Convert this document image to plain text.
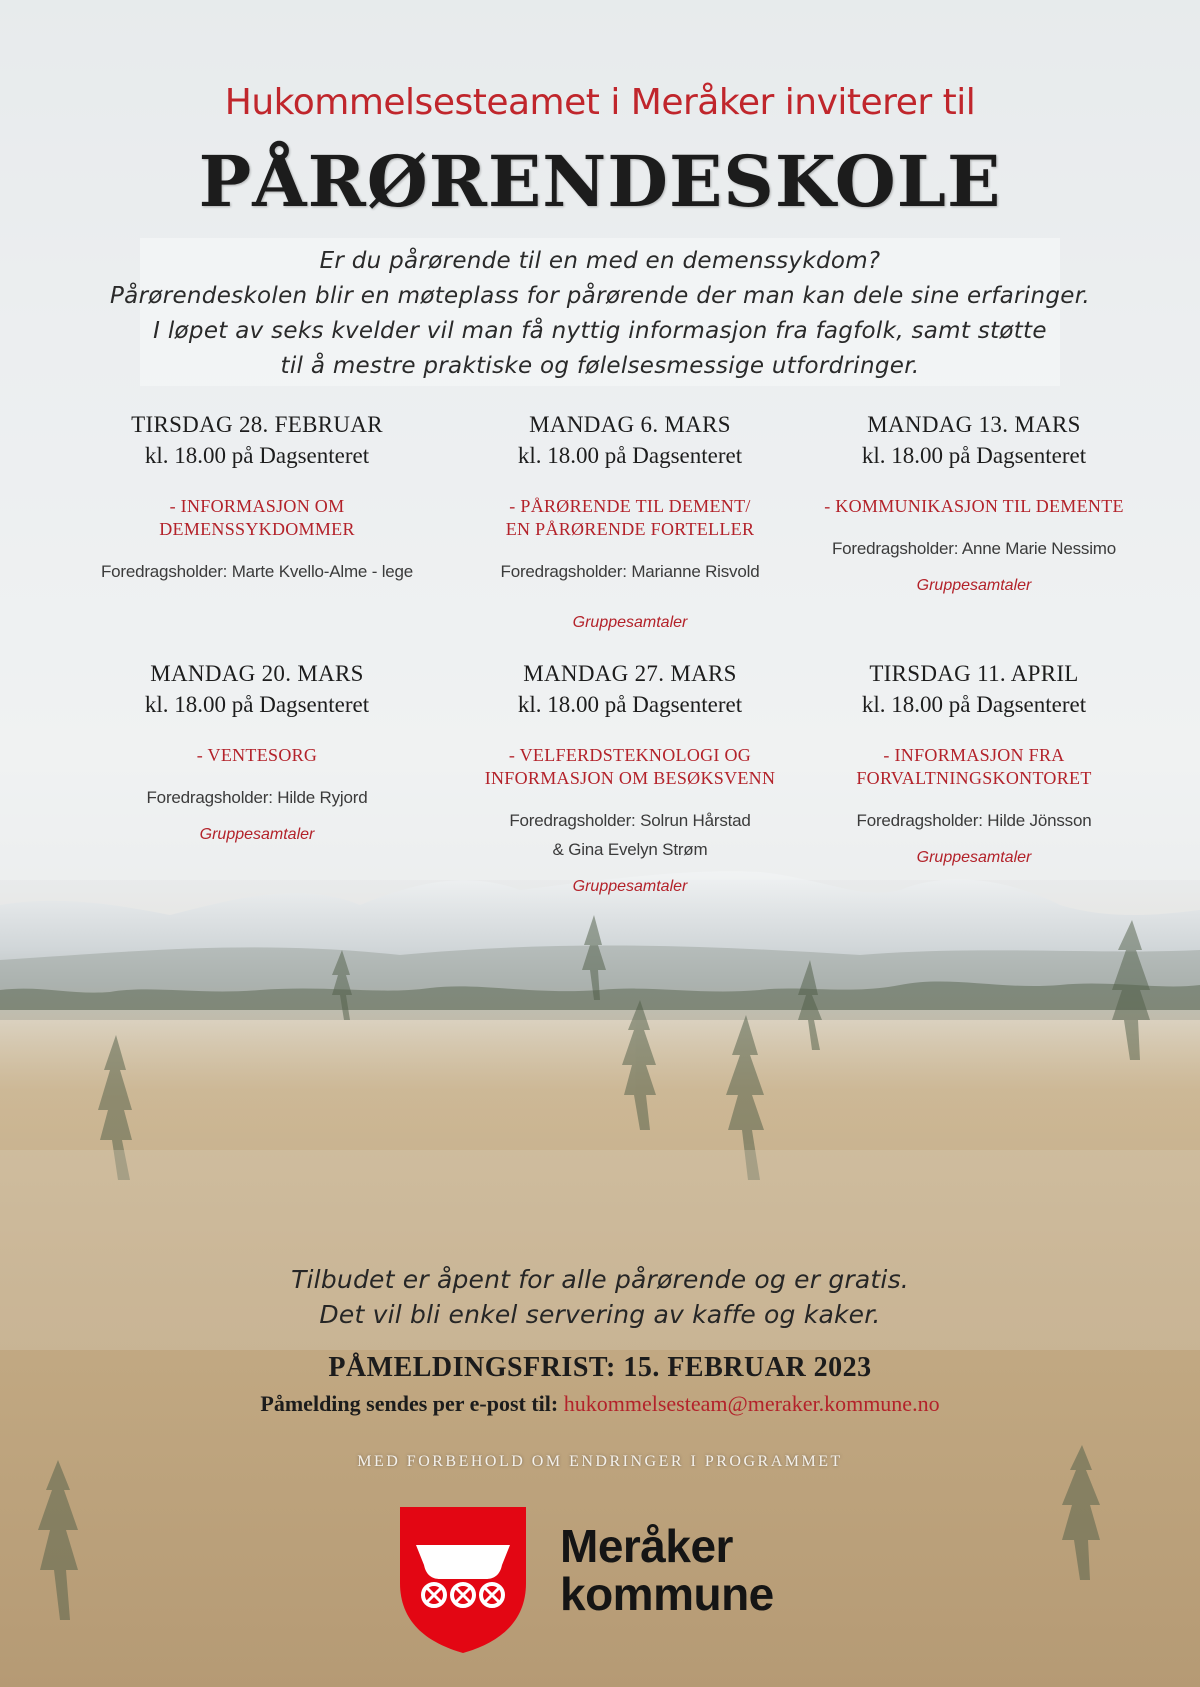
Hukommelsesteamet i Meråker inviterer til
PÅRØRENDESKOLE
Er du pårørende til en med en demenssykdom?
Pårørendeskolen blir en møteplass for pårørende der man kan dele sine erfaringer.
I løpet av seks kvelder vil man få nyttig informasjon fra fagfolk, samt støtte
til å mestre praktiske og følelsesmessige utfordringer.
TIRSDAG 28. FEBRUAR
kl. 18.00 på Dagsenteret
- INFORMASJON OM
DEMENSSYKDOMMER
Foredragsholder: Marte Kvello-Alme - lege
MANDAG 6. MARS
kl. 18.00 på Dagsenteret
- PÅRØRENDE TIL DEMENT/
EN PÅRØRENDE FORTELLER
Foredragsholder: Marianne Risvold
Gruppesamtaler
MANDAG 13. MARS
kl. 18.00 på Dagsenteret
- KOMMUNIKASJON TIL DEMENTE
Foredragsholder: Anne Marie Nessimo
Gruppesamtaler
MANDAG 20. MARS
kl. 18.00 på Dagsenteret
- VENTESORG
Foredragsholder: Hilde Ryjord
Gruppesamtaler
MANDAG 27. MARS
kl. 18.00 på Dagsenteret
- VELFERDSTEKNOLOGI OG
INFORMASJON OM BESØKSVENN
Foredragsholder: Solrun Hårstad
& Gina Evelyn Strøm
Gruppesamtaler
TIRSDAG 11. APRIL
kl. 18.00 på Dagsenteret
- INFORMASJON FRA
FORVALTNINGSKONTORET
Foredragsholder: Hilde Jönsson
Gruppesamtaler
Tilbudet er åpent for alle pårørende og er gratis.
Det vil bli enkel servering av kaffe og kaker.
PÅMELDINGSFRIST: 15. FEBRUAR 2023
Påmelding sendes per e-post til: hukommelsesteam@meraker.kommune.no
MED FORBEHOLD OM ENDRINGER I PROGRAMMET
Meråker
kommune
